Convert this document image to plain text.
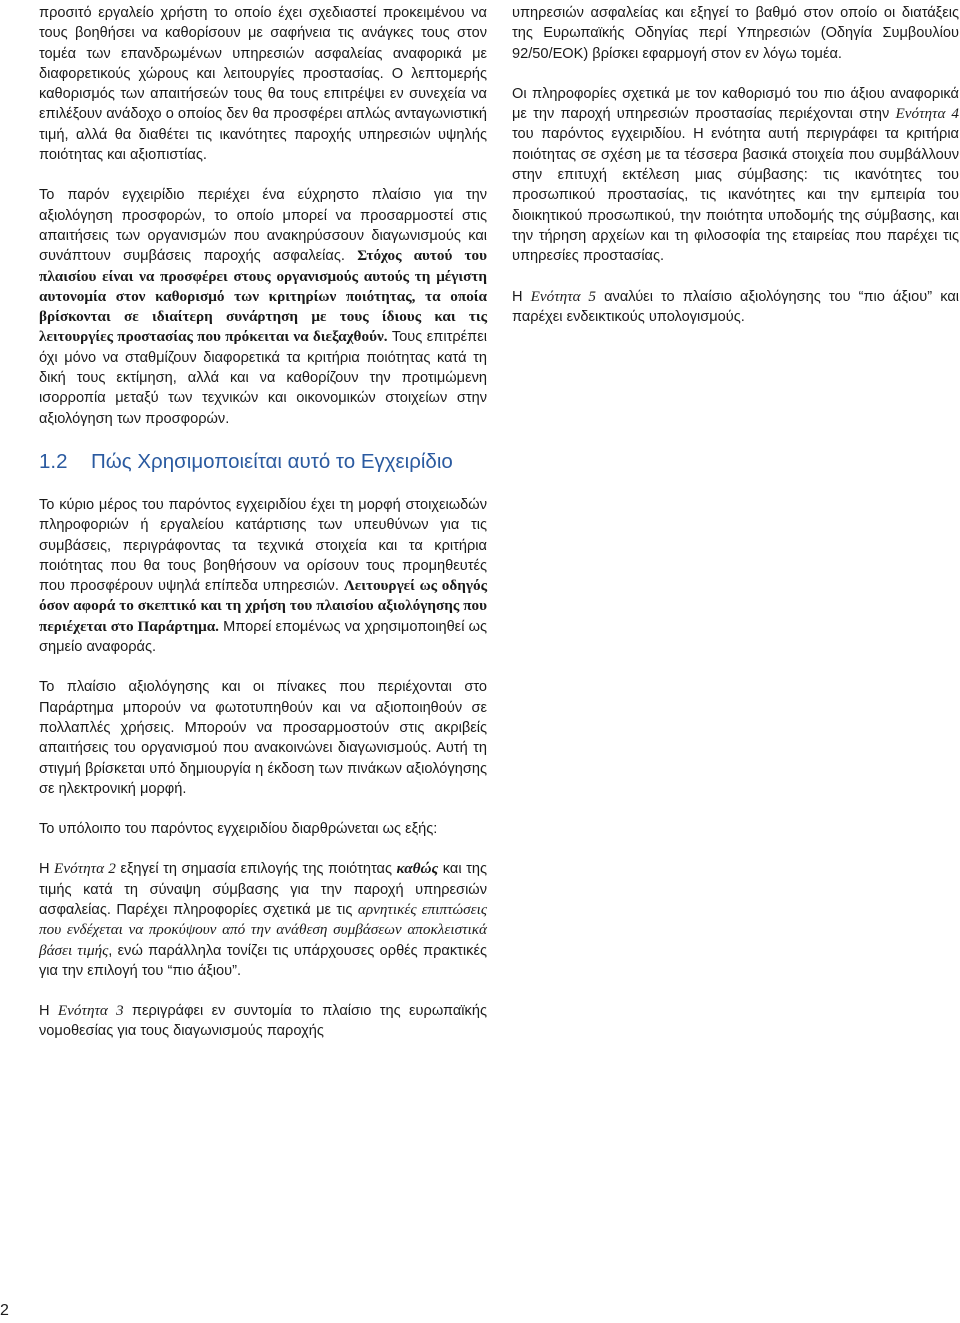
προσιτό εργαλείο χρήστη το οποίο έχει σχεδιαστεί προκειμένου να τους βοηθήσει να καθορίσουν με σαφήνεια τις ανάγκες τους στον τομέα των επανδρωμένων υπηρεσιών ασφαλείας αναφορικά με διαφορετικούς χώρους και λειτουργίες προστασίας. Ο λεπτομερής καθορισμός των απαιτήσεών τους θα τους επιτρέψει εν συνεχεία να επιλέξουν ανάδοχο ο οποίος δεν θα προσφέρει απλώς ανταγωνιστική τιμή, αλλά θα διαθέτει τις ικανότητες παροχής υπηρεσιών υψηλής ποιότητας και αξιοπιστίας.

Το παρόν εγχειρίδιο περιέχει ένα εύχρηστο πλαίσιο για την αξιολόγηση προσφορών, το οποίο μπορεί να προσαρμοστεί στις απαιτήσεις των οργανισμών που ανακηρύσσουν διαγωνισμούς και συνάπτουν συμβάσεις παροχής ασφαλείας. Στόχος αυτού του πλαισίου είναι να προσφέρει στους οργανισμούς αυτούς τη μέγιστη αυτονομία στον καθορισμό των κριτηρίων ποιότητας, τα οποία βρίσκονται σε ιδιαίτερη συνάρτηση με τους ίδιους και τις λειτουργίες προστασίας που πρόκειται να διεξαχθούν. Τους επιτρέπει όχι μόνο να σταθμίζουν διαφορετικά τα κριτήρια ποιότητας κατά τη δική τους εκτίμηση, αλλά και να καθορίζουν την προτιμώμενη ισορροπία μεταξύ των τεχνικών και οικονομικών στοιχείων στην αξιολόγηση των προσφορών.

1.2	Πώς Χρησιμοποιείται αυτό το Εγχειρίδιο

Το κύριο μέρος του παρόντος εγχειριδίου έχει τη μορφή στοιχειωδών πληροφοριών ή εργαλείου κατάρτισης των υπευθύνων για τις συμβάσεις, περιγράφοντας τα τεχνικά στοιχεία και τα κριτήρια ποιότητας που θα τους βοηθήσουν να ορίσουν τους προμηθευτές που προσφέρουν υψηλά επίπεδα υπηρεσιών. Λειτουργεί ως οδηγός όσον αφορά το σκεπτικό και τη χρήση του πλαισίου αξιολόγησης που περιέχεται στο Παράρτημα. Μπορεί επομένως να χρησιμοποιηθεί ως σημείο αναφοράς.

Το πλαίσιο αξιολόγησης και οι πίνακες που περιέχονται στο Παράρτημα μπορούν να φωτοτυπηθούν και να αξιοποιηθούν σε πολλαπλές χρήσεις. Μπορούν να προσαρμοστούν στις ακριβείς απαιτήσεις του οργανισμού που ανακοινώνει διαγωνισμούς. Αυτή τη στιγμή βρίσκεται υπό δημιουργία η έκδοση των πινάκων αξιολόγησης σε ηλεκτρονική μορφή.

Το υπόλοιπο του παρόντος εγχειριδίου διαρθρώνεται ως εξής:

Η Ενότητα 2 εξηγεί τη σημασία επιλογής της ποιότητας καθώς και της τιμής κατά τη σύναψη σύμβασης για την παροχή υπηρεσιών ασφαλείας. Παρέχει πληροφορίες σχετικά με τις αρνητικές επιπτώσεις που ενδέχεται να προκύψουν από την ανάθεση συμβάσεων αποκλειστικά βάσει τιμής, ενώ παράλληλα τονίζει τις υπάρχουσες ορθές πρακτικές για την επιλογή του “πιο άξιου”.

Η Ενότητα 3 περιγράφει εν συντομία το πλαίσιο της ευρωπαϊκής νομοθεσίας για τους διαγωνισμούς παροχής

υπηρεσιών ασφαλείας και εξηγεί το βαθμό στον οποίο οι διατάξεις της Ευρωπαϊκής Οδηγίας περί Υπηρεσιών (Οδηγία Συμβουλίου 92/50/ΕΟΚ) βρίσκει εφαρμογή στον εν λόγω τομέα.

Οι πληροφορίες σχετικά με τον καθορισμό του πιο άξιου αναφορικά με την παροχή υπηρεσιών προστασίας περιέχονται στην Ενότητα 4 του παρόντος εγχειριδίου. Η ενότητα αυτή περιγράφει τα κριτήρια ποιότητας σε σχέση με τα τέσσερα βασικά στοιχεία που συμβάλλουν στην επιτυχή εκτέλεση μιας σύμβασης: τις ικανότητες του προσωπικού προστασίας, τις ικανότητες και την εμπειρία του διοικητικού προσωπικού, την ποιότητα υποδομής της σύμβασης, και την τήρηση αρχείων και τη φιλοσοφία της εταιρείας που παρέχει τις υπηρεσίες προστασίας.

Η Ενότητα 5 αναλύει το πλαίσιο αξιολόγησης του “πιο άξιου” και παρέχει ενδεικτικούς υπολογισμούς.

2
